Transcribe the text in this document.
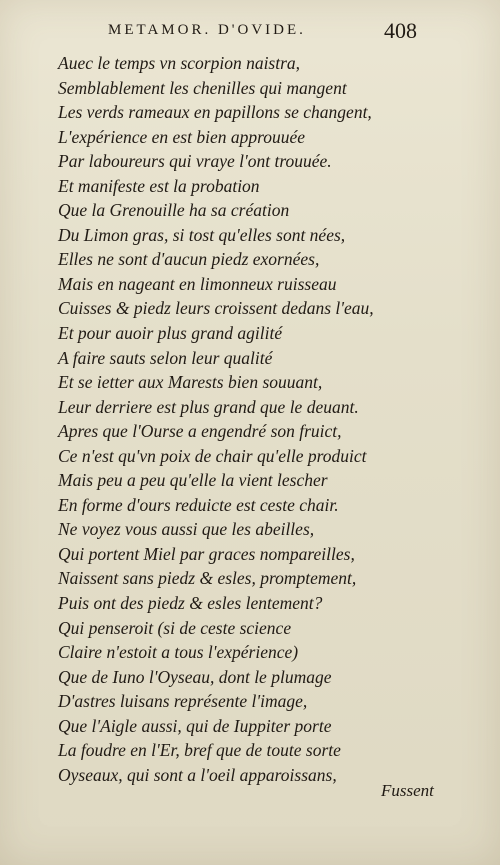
METAMOR. D'OVIDE.	408
Auec le temps vn scorpion naistra,
Semblablement les chenilles qui mangent
Les verds rameaux en papillons se changent,
L'expérience en est bien approuuée
Par laboureurs qui vraye l'ont trouuée.
Et manifeste est la probation
Que la Grenouille ha sa création
Du Limon gras, si tost qu'elles sont nées,
Elles ne sont d'aucun piedz exornées,
Mais en nageant en limonneux ruisseau
Cuisses & piedz leurs croissent dedans l'eau,
Et pour auoir plus grand agilité
A faire sauts selon leur qualité
Et se ietter aux Marests bien souuant,
Leur derriere est plus grand que le deuant.
Apres que l'Ourse a engendré son fruict,
Ce n'est qu'vn poix de chair qu'elle produict
Mais peu a peu qu'elle la vient lescher
En forme d'ours reduicte est ceste chair.
Ne voyez vous aussi que les abeilles,
Qui portent Miel par graces nompareilles,
Naissent sans piedz & esles, promptement,
Puis ont des piedz & esles lentement?
Qui penseroit (si de ceste science
Claire n'estoit a tous l'expérience)
Que de Iuno l'Oyseau, dont le plumage
D'astres luisans représente l'image,
Que l'Aigle aussi, qui de Iuppiter porte
La foudre en l'Er, bref que de toute sorte
Oyseaux, qui sont a l'oeil apparoissans,
Fussent
